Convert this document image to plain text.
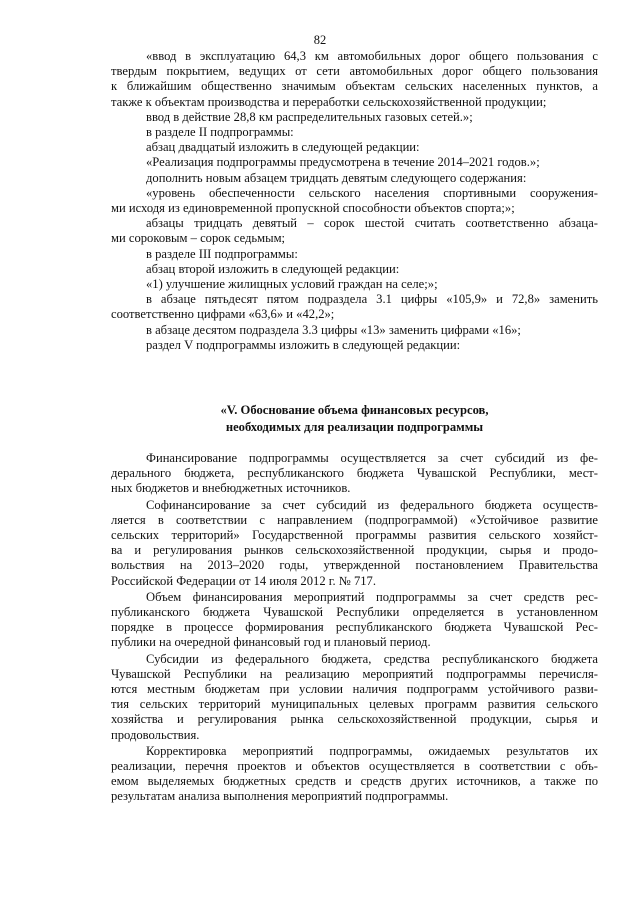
82
«ввод в эксплуатацию 64,3 км автомобильных дорог общего пользования с
твердым покрытием, ведущих от сети автомобильных дорог общего пользования
к ближайшим общественно значимым объектам сельских населенных пунктов, а
также к объектам производства и переработки сельскохозяйственной продукции;
ввод в действие 28,8 км распределительных газовых сетей.»;
в разделе II подпрограммы:
абзац двадцатый изложить в следующей редакции:
«Реализация подпрограммы предусмотрена в течение 2014–2021 годов.»;
дополнить новым абзацем тридцать девятым следующего содержания:
«уровень обеспеченности сельского населения спортивными сооружения-
ми исходя из единовременной пропускной способности объектов спорта;»;
абзацы тридцать девятый – сорок шестой считать соответственно абзаца-
ми сороковым – сорок седьмым;
в разделе III подпрограммы:
абзац второй изложить в следующей редакции:
«1) улучшение жилищных условий граждан на селе;»;
в абзаце пятьдесят пятом подраздела 3.1 цифры «105,9» и 72,8» заменить
соответственно цифрами «63,6» и «42,2»;
в абзаце десятом подраздела 3.3 цифры «13» заменить цифрами «16»;
раздел V подпрограммы изложить в следующей редакции:
«V. Обоснование объема финансовых ресурсов,
необходимых для реализации подпрограммы
Финансирование подпрограммы осуществляется за счет субсидий из фе-
дерального бюджета, республиканского бюджета Чувашской Республики, мест-
ных бюджетов и внебюджетных источников.
Софинансирование за счет субсидий из федерального бюджета осуществ-
ляется в соответствии с направлением (подпрограммой) «Устойчивое развитие
сельских территорий» Государственной программы развития сельского хозяйст-
ва и регулирования рынков сельскохозяйственной продукции, сырья и продо-
вольствия на 2013–2020 годы, утвержденной постановлением Правительства
Российской Федерации от 14 июля 2012 г. № 717.
Объем финансирования мероприятий подпрограммы за счет средств рес-
публиканского бюджета Чувашской Республики определяется в установленном
порядке в процессе формирования республиканского бюджета Чувашской Рес-
публики на очередной финансовый год и плановый период.
Субсидии из федерального бюджета, средства республиканского бюджета
Чувашской Республики на реализацию мероприятий подпрограммы перечисля-
ются местным бюджетам при условии наличия подпрограмм устойчивого разви-
тия сельских территорий муниципальных целевых программ развития сельского
хозяйства и регулирования рынка сельскохозяйственной продукции, сырья и
продовольствия.
Корректировка мероприятий подпрограммы, ожидаемых результатов их
реализации, перечня проектов и объектов осуществляется в соответствии с объ-
емом выделяемых бюджетных средств и средств других источников, а также по
результатам анализа выполнения мероприятий подпрограммы.
